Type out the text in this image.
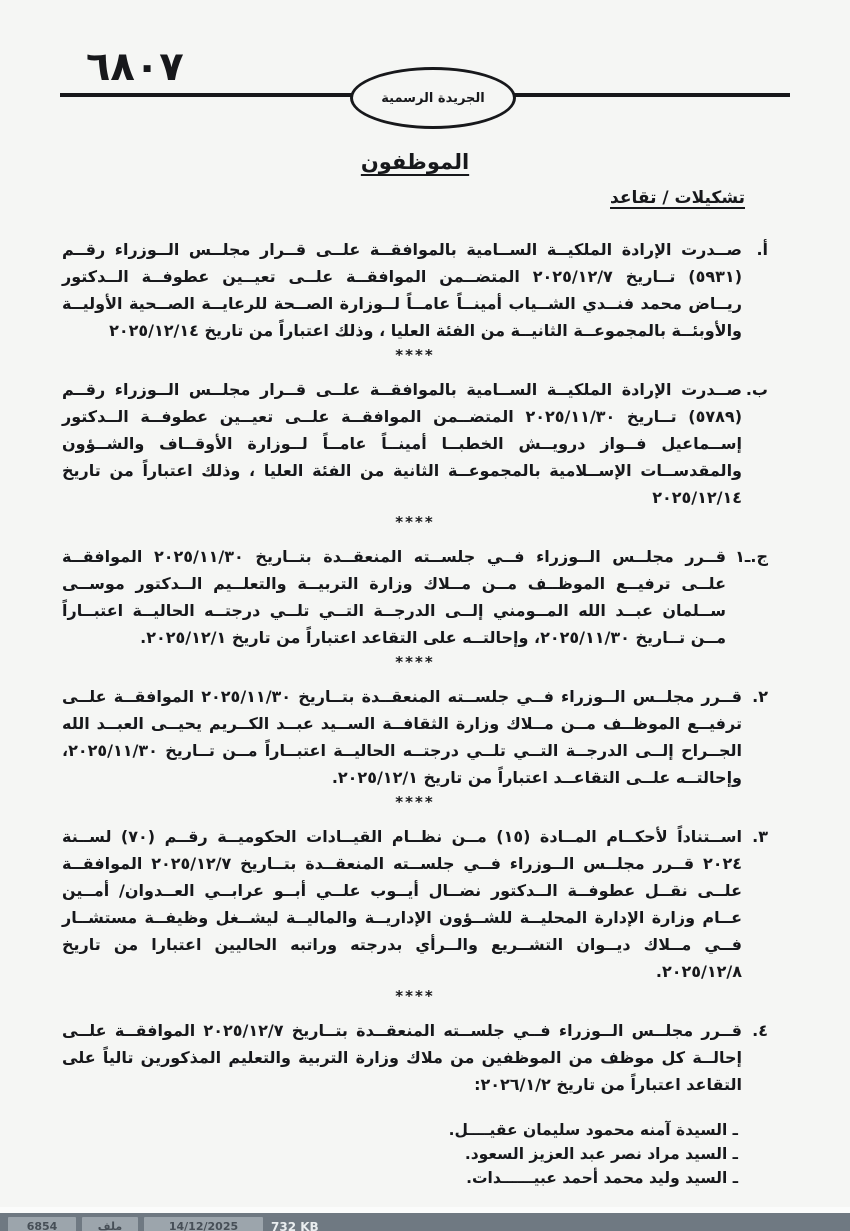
٦٨٠٧
الجريدة الرسمية
الموظفون
تشكيلات / تقاعد
أ.
صــدرت الإرادة الملكيــة الســامية بالموافقــة علــى قــرار مجلــس الــوزراء رقــم (٥٩٣١) تــاريخ ٢٠٢٥/١٢/٧ المتضــمن الموافقــة علــى تعيــين عطوفــة الــدكتور ريــاض محمد فنــدي الشــياب أمينــاً عامــاً لــوزارة الصــحة للرعايــة الصــحية الأوليــة والأوبئــة بالمجموعــة الثانيــة من الفئة العليا ، وذلك اعتباراً من تاريخ ٢٠٢٥/١٢/١٤
****
ب.
صــدرت الإرادة الملكيــة الســامية بالموافقــة علــى قــرار مجلــس الــوزراء رقــم (٥٧٨٩) تــاريخ ٢٠٢٥/١١/٣٠ المتضــمن الموافقــة علــى تعيــين عطوفــة الــدكتور إســماعيل فــواز درويــش الخطبــا أمينــاً عامــاً لــوزارة الأوقــاف والشــؤون والمقدســات الإســلامية بالمجموعــة الثانية من الفئة العليا ، وذلك اعتباراً من تاريخ ٢٠٢٥/١٢/١٤
****
ج.ـ١
قــرر مجلــس الــوزراء فــي جلســته المنعقــدة بتــاريخ ٢٠٢٥/١١/٣٠ الموافقــة علــى ترفيــع الموظــف مــن مــلاك وزارة التربيــة والتعلــيم الــدكتور موســى ســلمان عبــد الله المــومني إلــى الدرجــة التــي تلــي درجتــه الحاليــة اعتبــاراً مــن تــاريخ ٢٠٢٥/١١/٣٠، وإحالتــه على التقاعد اعتباراً من تاريخ ٢٠٢٥/١٢/١.
****
٢.
قــرر مجلــس الــوزراء فــي جلســته المنعقــدة بتــاريخ ٢٠٢٥/١١/٣٠ الموافقــة علــى ترفيــع الموظــف مــن مــلاك وزارة الثقافــة الســيد عبــد الكــريم يحيــى العبــد الله الجــراح إلــى الدرجــة التــي تلــي درجتــه الحاليــة اعتبــاراً مــن تــاريخ ٢٠٢٥/١١/٣٠، وإحالتــه علــى التقاعــد اعتباراً من تاريخ ٢٠٢٥/١٢/١.
****
٣.
اســتناداً لأحكــام المــادة (١٥) مــن نظــام القيــادات الحكوميــة رقــم (٧٠) لســنة ٢٠٢٤ قــرر مجلــس الــوزراء فــي جلســته المنعقــدة بتــاريخ ٢٠٢٥/١٢/٧ الموافقــة علــى نقــل عطوفــة الــدكتور نضــال أيــوب علــي أبــو عرابــي العــدوان/ أمــين عــام وزارة الإدارة المحليــة للشــؤون الإداريــة والماليــة ليشــغل وظيفــة مستشــار فــي مــلاك ديــوان التشــريع والــرأي بدرجته وراتبه الحاليين اعتبارا من تاريخ ٢٠٢٥/١٢/٨.
****
٤.
قــرر مجلــس الــوزراء فــي جلســته المنعقــدة بتــاريخ ٢٠٢٥/١٢/٧ الموافقــة علــى إحالــة كل موظف من الموظفين من ملاك وزارة التربية والتعليم المذكورين تالياً على التقاعد اعتباراً من تاريخ ٢٠٢٦/١/٢:
ـ السيدة آمنه محمود سليمان عقيــــل.
ـ السيد مراد نصر عبد العزيز السعود.
ـ السيد وليد محمد أحمد عبيــــــدات.
732 KB
6854	ملف	14/12/2025
